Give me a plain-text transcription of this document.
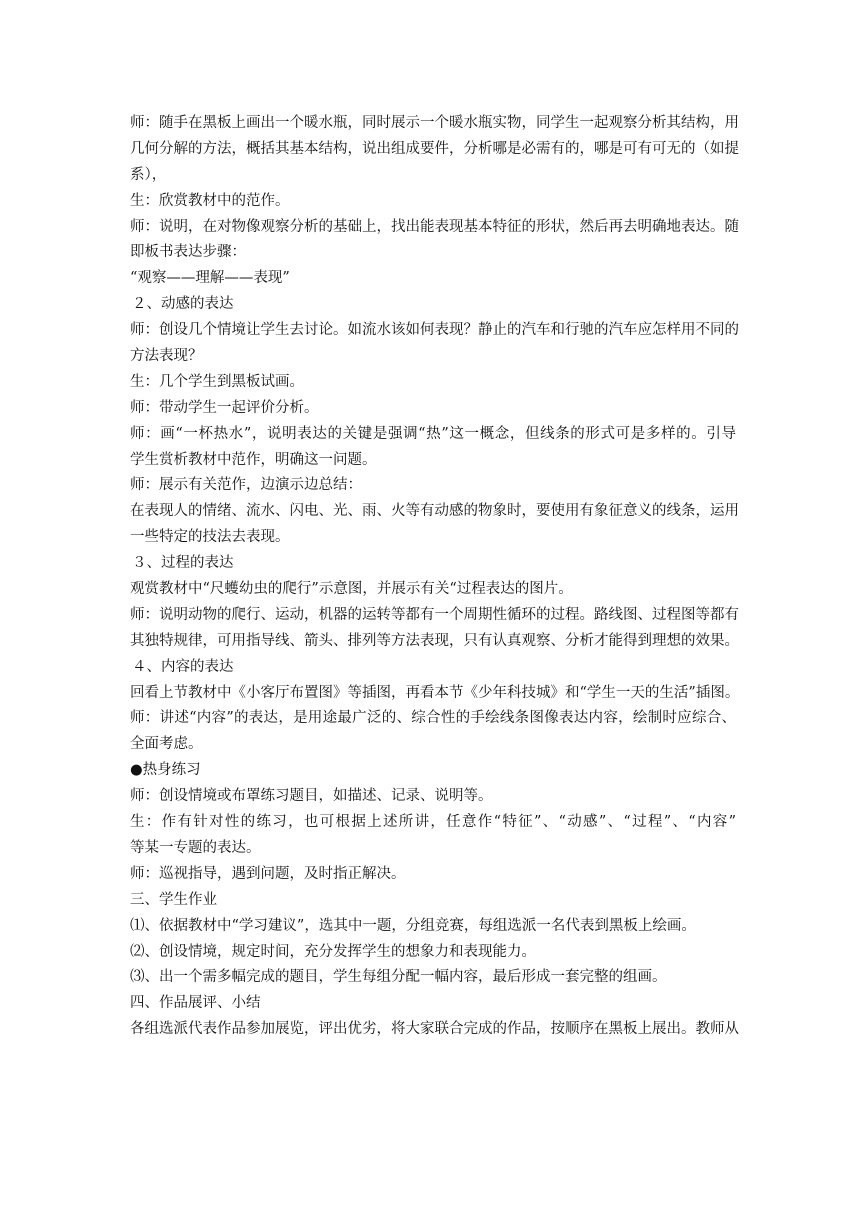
师：随手在黑板上画出一个暖水瓶，同时展示一个暖水瓶实物，同学生一起观察分析其结构，用
几何分解的方法，概括其基本结构，说出组成要件，分析哪是必需有的，哪是可有可无的（如提
系），
生：欣赏教材中的范作。
师：说明，在对物像观察分析的基础上，找出能表现基本特征的形状，然后再去明确地表达。随
即板书表达步骤：
“观察——理解——表现”
２、动感的表达
师：创设几个情境让学生去讨论。如流水该如何表现？静止的汽车和行驰的汽车应怎样用不同的
方法表现？
生：几个学生到黑板试画。
师：带动学生一起评价分析。
师：画“一杯热水”，说明表达的关键是强调“热”这一概念，但线条的形式可是多样的。引导
学生赏析教材中范作，明确这一问题。
师：展示有关范作，边演示边总结：
在表现人的情绪、流水、闪电、光、雨、火等有动感的物象时，要使用有象征意义的线条，运用
一些特定的技法去表现。
３、过程的表达
观赏教材中“尺蠖幼虫的爬行”示意图，并展示有关“过程表达的图片。
师：说明动物的爬行、运动，机器的运转等都有一个周期性循环的过程。路线图、过程图等都有
其独特规律，可用指导线、箭头、排列等方法表现，只有认真观察、分析才能得到理想的效果。
４、内容的表达
回看上节教材中《小客厅布置图》等插图，再看本节《少年科技城》和“学生一天的生活”插图。
师：讲述“内容”的表达，是用途最广泛的、综合性的手绘线条图像表达内容，绘制时应综合、
全面考虑。
●热身练习
师：创设情境或布罩练习题目，如描述、记录、说明等。
生：作有针对性的练习，也可根据上述所讲，任意作“特征”、“动感”、“过程”、“内容”
等某一专题的表达。
师：巡视指导，遇到问题，及时指正解决。
三、学生作业
⑴、依据教材中“学习建议”，选其中一题，分组竞赛，每组选派一名代表到黑板上绘画。
⑵、创设情境，规定时间，充分发挥学生的想象力和表现能力。
⑶、出一个需多幅完成的题目，学生每组分配一幅内容，最后形成一套完整的组画。
四、作品展评、小结
各组选派代表作品参加展览，评出优劣，将大家联合完成的作品，按顺序在黑板上展出。教师从
